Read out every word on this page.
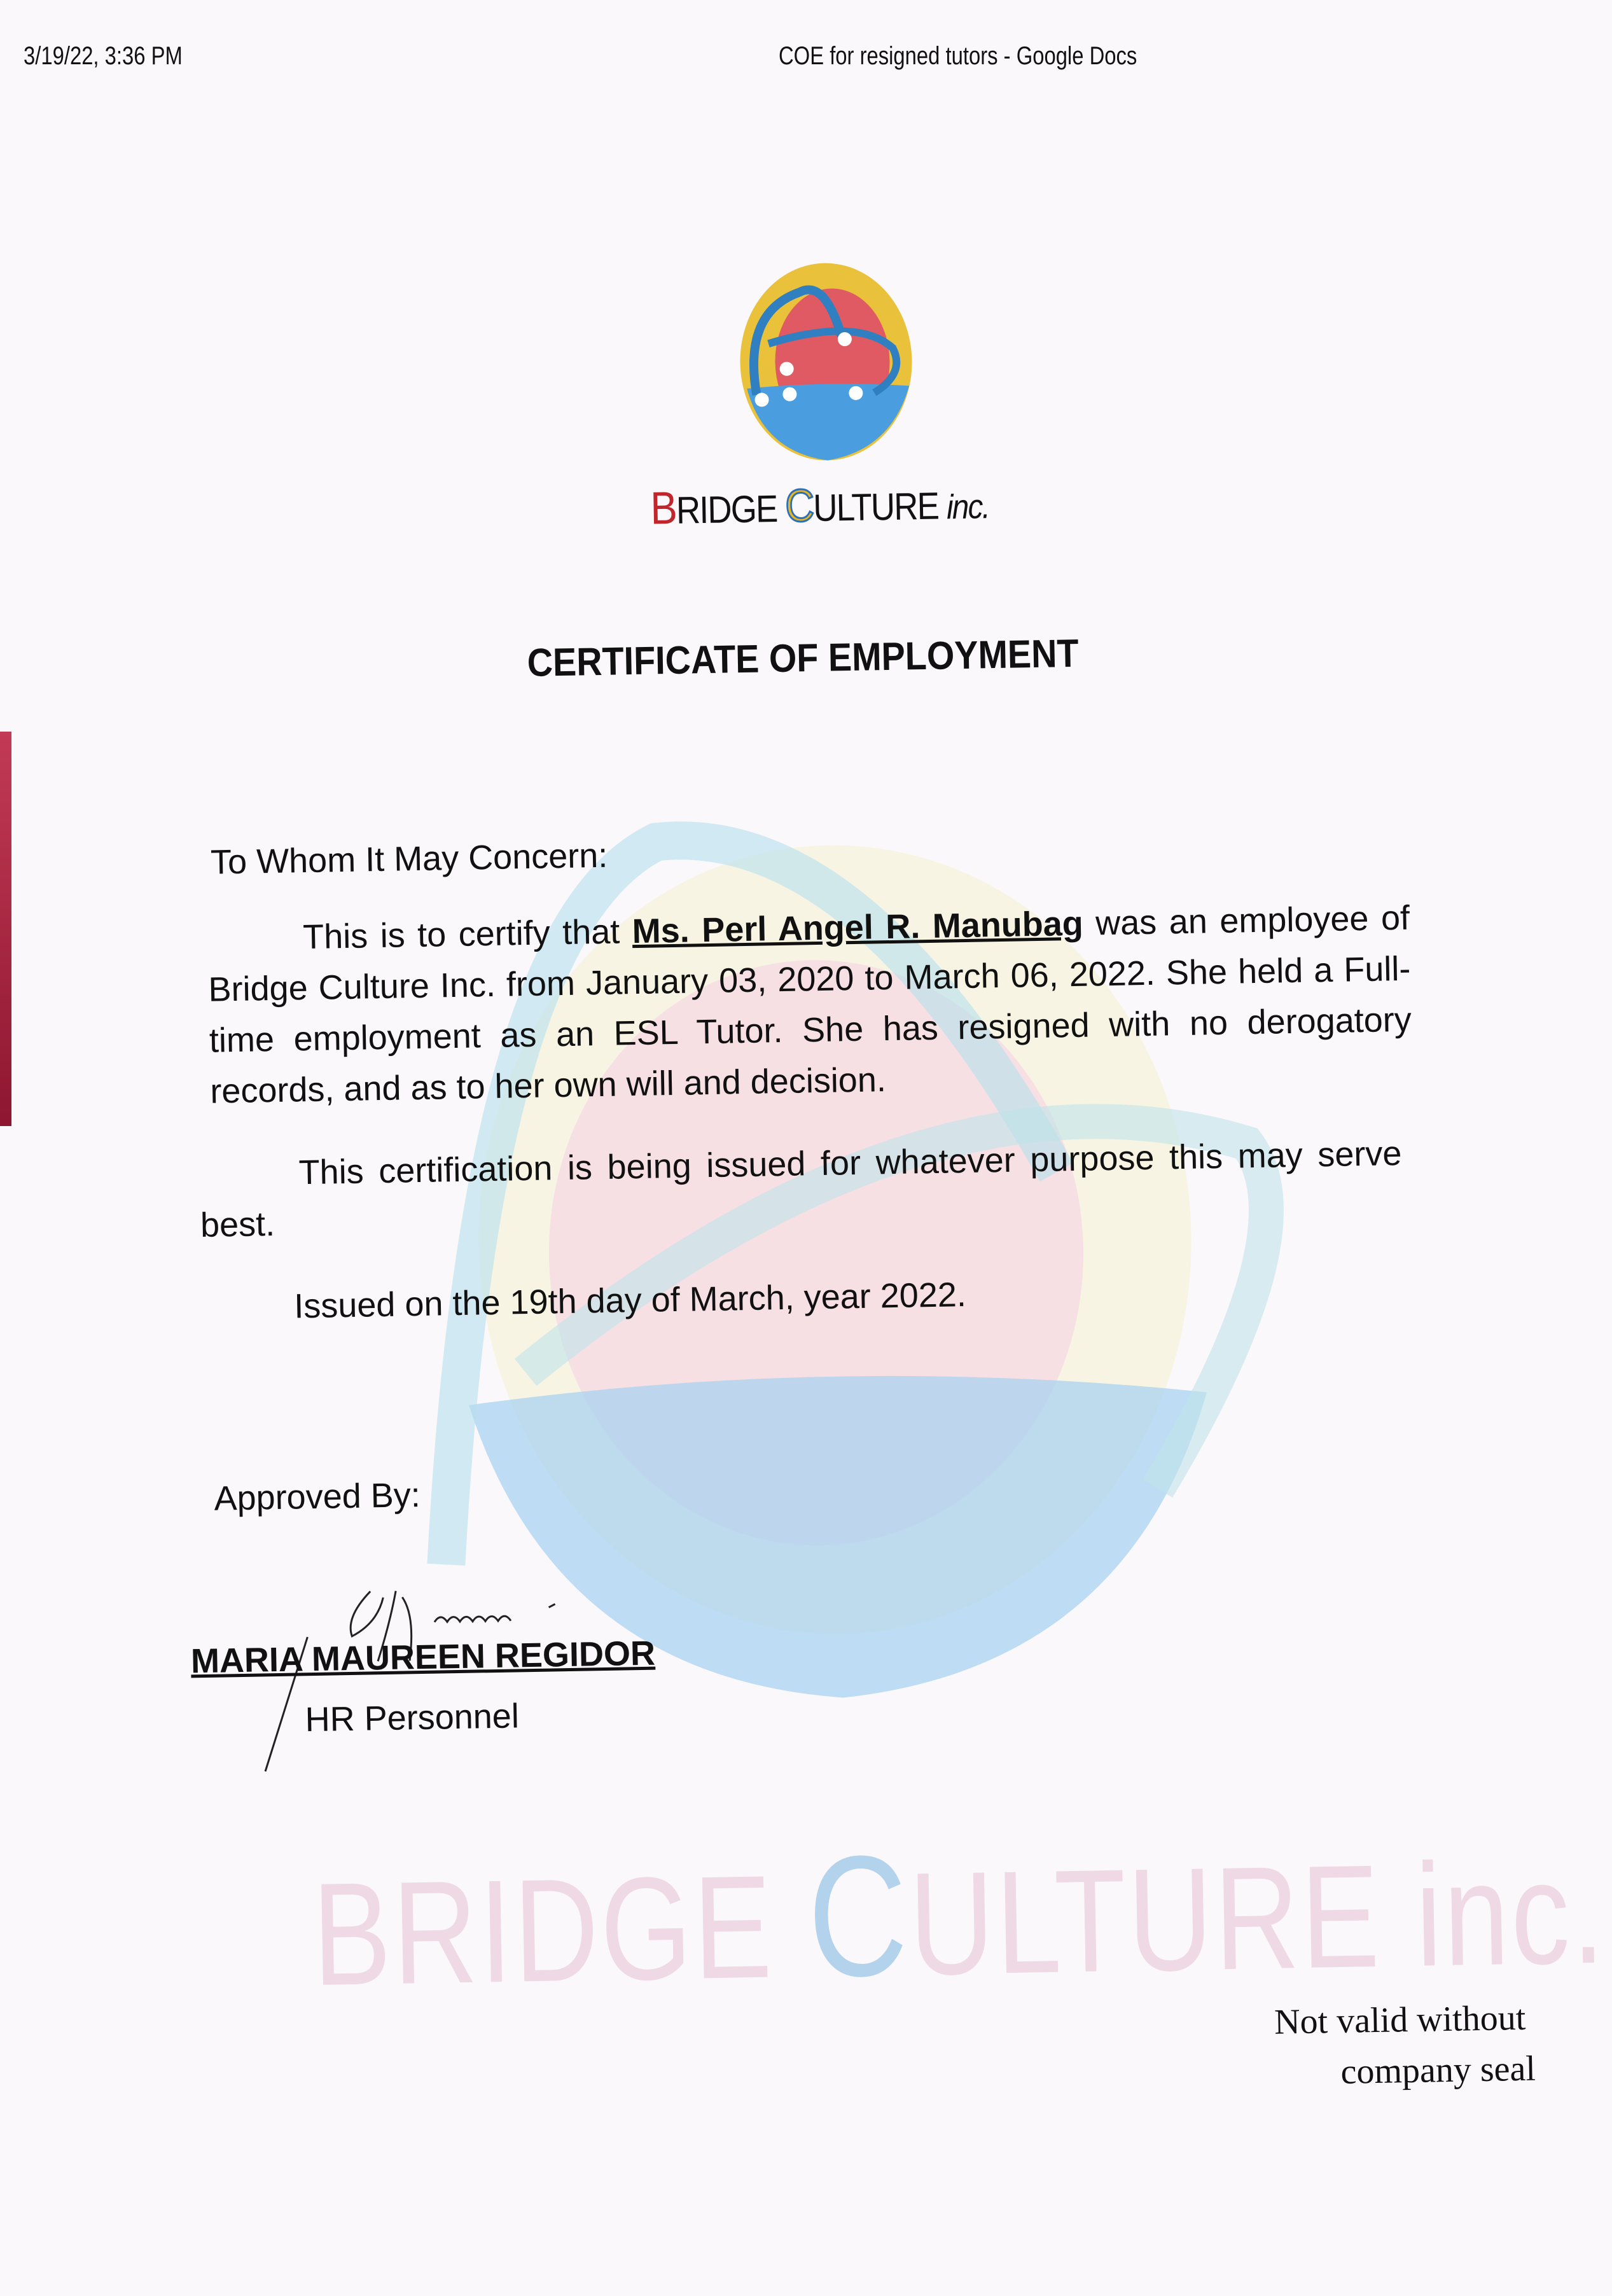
3/19/22, 3:36 PM	COE for resigned tutors - Google Docs
BRIDGE CULTURE inc.
CERTIFICATE OF EMPLOYMENT
To Whom It May Concern:
This is to certify that Ms. Perl Angel R. Manubag was an employee of Bridge Culture Inc. from January 03, 2020 to March 06, 2022. She held a Full-time employment as an ESL Tutor. She has resigned with no derogatory records, and as to her own will and decision.
This certification is being issued for whatever purpose this may serve best.
Issued on the 19th day of March, year 2022.
Approved By:
MARIA MAUREEN REGIDOR
HR Personnel
BRIDGE CULTURE inc.
Not valid without
company seal
